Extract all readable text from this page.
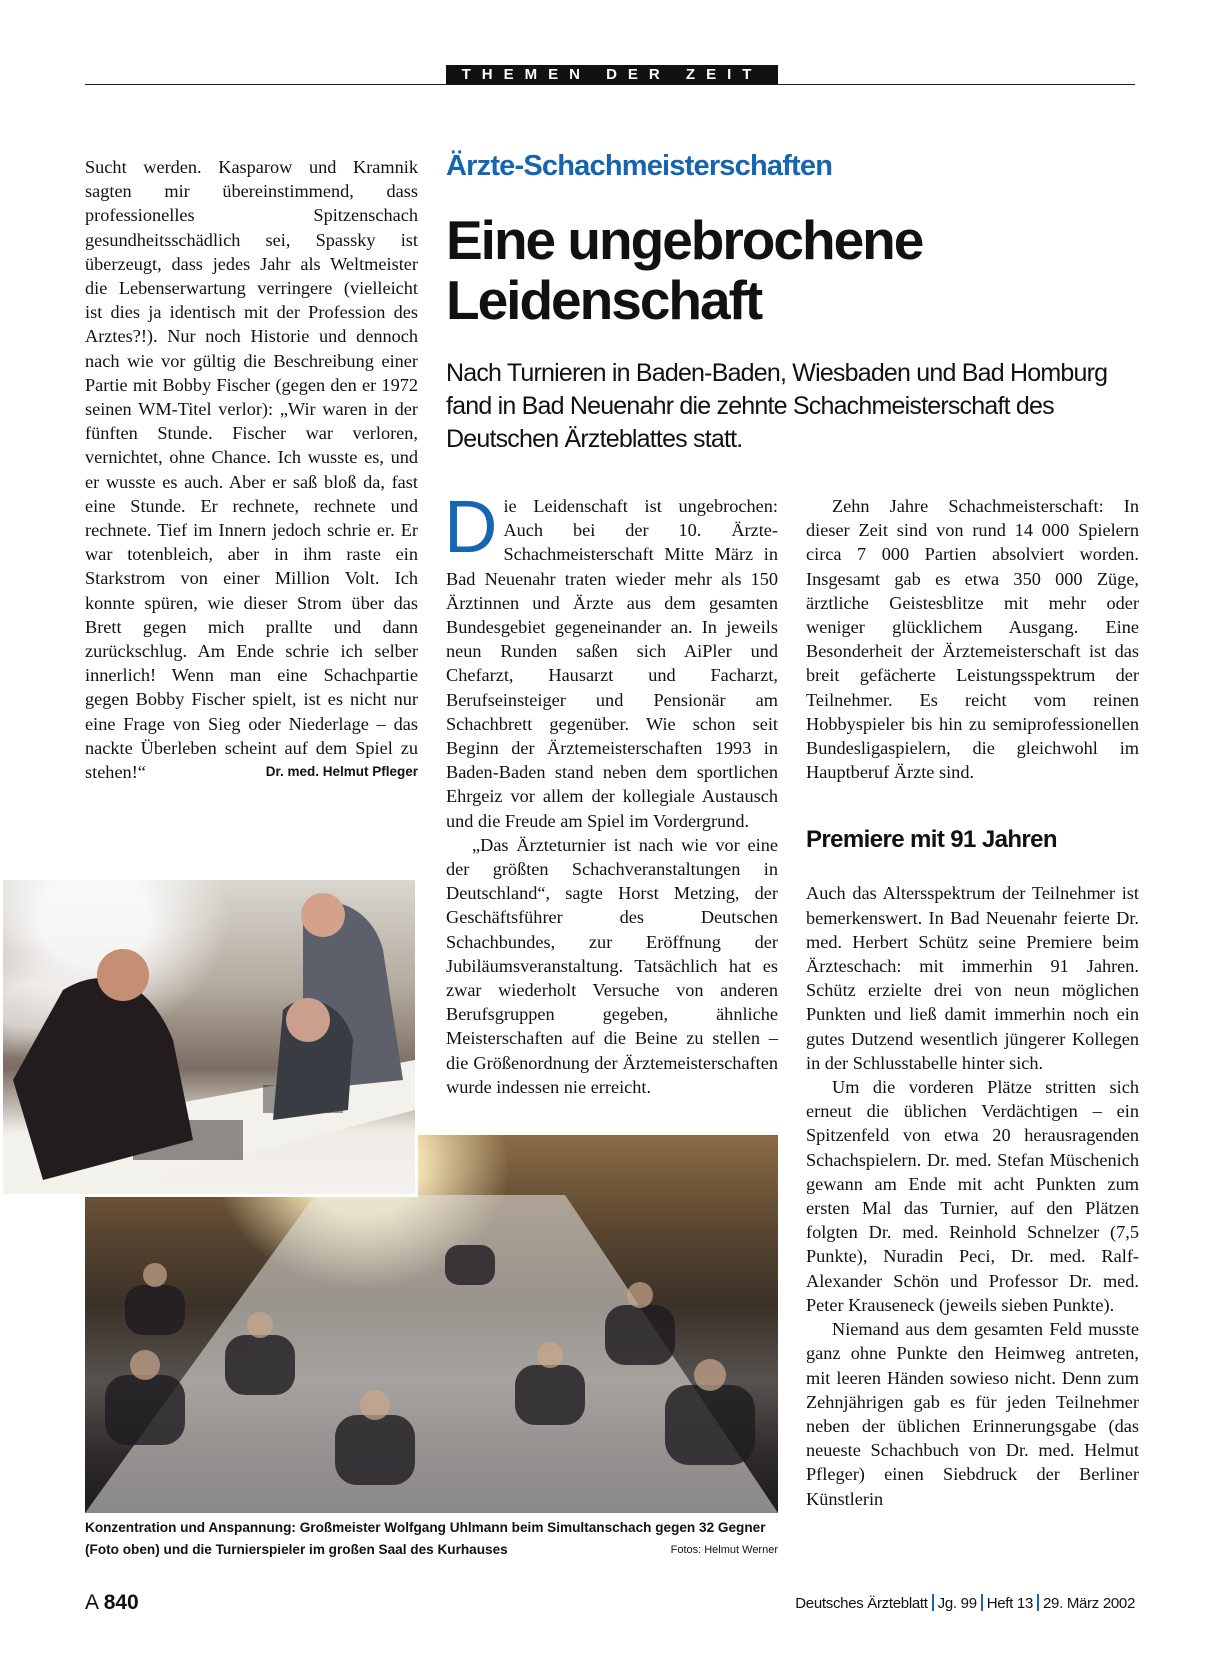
THEMEN DER ZEIT

Sucht werden. Kasparow und Kramnik sagten mir übereinstimmend, dass professionelles Spitzenschach gesundheitsschädlich sei, Spassky ist überzeugt, dass jedes Jahr als Weltmeister die Lebenserwartung verringere (vielleicht ist dies ja identisch mit der Profession des Arztes?!). Nur noch Historie und dennoch nach wie vor gültig die Beschreibung einer Partie mit Bobby Fischer (gegen den er 1972 seinen WM-Titel verlor): „Wir waren in der fünften Stunde. Fischer war verloren, vernichtet, ohne Chance. Ich wusste es, und er wusste es auch. Aber er saß bloß da, fast eine Stunde. Er rechnete, rechnete und rechnete. Tief im Innern jedoch schrie er. Er war totenbleich, aber in ihm raste ein Starkstrom von einer Million Volt. Ich konnte spüren, wie dieser Strom über das Brett gegen mich prallte und dann zurückschlug. Am Ende schrie ich selber innerlich! Wenn man eine Schachpartie gegen Bobby Fischer spielt, ist es nicht nur eine Frage von Sieg oder Niederlage – das nackte Überleben scheint auf dem Spiel zu stehen!“	Dr. med. Helmut Pfleger

Ärzte-Schachmeisterschaften
Eine ungebrochene
Leidenschaft
Nach Turnieren in Baden-Baden, Wiesbaden und Bad Homburg fand in Bad Neuenahr die zehnte Schachmeisterschaft des Deutschen Ärzteblattes statt.

Die Leidenschaft ist ungebrochen: Auch bei der 10. Ärzte-Schachmeisterschaft Mitte März in Bad Neuenahr traten wieder mehr als 150 Ärztinnen und Ärzte aus dem gesamten Bundesgebiet gegeneinander an. In jeweils neun Runden saßen sich AiPler und Chefarzt, Hausarzt und Facharzt, Berufseinsteiger und Pensionär am Schachbrett gegenüber. Wie schon seit Beginn der Ärztemeisterschaften 1993 in Baden-Baden stand neben dem sportlichen Ehrgeiz vor allem der kollegiale Austausch und die Freude am Spiel im Vordergrund.

„Das Ärzteturnier ist nach wie vor eine der größten Schachveranstaltungen in Deutschland“, sagte Horst Metzing, der Geschäftsführer des Deutschen Schachbundes, zur Eröffnung der Jubiläumsveranstaltung. Tatsächlich hat es zwar wiederholt Versuche von anderen Berufsgruppen gegeben, ähnliche Meisterschaften auf die Beine zu stellen – die Größenordnung der Ärztemeisterschaften wurde indessen nie erreicht.

Zehn Jahre Schachmeisterschaft: In dieser Zeit sind von rund 14 000 Spielern circa 7 000 Partien absolviert worden. Insgesamt gab es etwa 350 000 Züge, ärztliche Geistesblitze mit mehr oder weniger glücklichem Ausgang. Eine Besonderheit der Ärztemeisterschaft ist das breit gefächerte Leistungsspektrum der Teilnehmer. Es reicht vom reinen Hobbyspieler bis hin zu semiprofessionellen Bundesligaspielern, die gleichwohl im Hauptberuf Ärzte sind.

Premiere mit 91 Jahren

Auch das Altersspektrum der Teilnehmer ist bemerkenswert. In Bad Neuenahr feierte Dr. med. Herbert Schütz seine Premiere beim Ärzteschach: mit immerhin 91 Jahren. Schütz erzielte drei von neun möglichen Punkten und ließ damit immerhin noch ein gutes Dutzend wesentlich jüngerer Kollegen in der Schlusstabelle hinter sich.

Um die vorderen Plätze stritten sich erneut die üblichen Verdächtigen – ein Spitzenfeld von etwa 20 herausragenden Schachspielern. Dr. med. Stefan Müschenich gewann am Ende mit acht Punkten zum ersten Mal das Turnier, auf den Plätzen folgten Dr. med. Reinhold Schnelzer (7,5 Punkte), Nuradin Peci, Dr. med. Ralf-Alexander Schön und Professor Dr. med. Peter Krauseneck (jeweils sieben Punkte).

Niemand aus dem gesamten Feld musste ganz ohne Punkte den Heimweg antreten, mit leeren Händen sowieso nicht. Denn zum Zehnjährigen gab es für jeden Teilnehmer neben der üblichen Erinnerungsgabe (das neueste Schachbuch von Dr. med. Helmut Pfleger) einen Siebdruck der Berliner Künstlerin

Konzentration und Anspannung: Großmeister Wolfgang Uhlmann beim Simultanschach gegen 32 Gegner (Foto oben) und die Turnierspieler im großen Saal des Kurhauses	Fotos: Helmut Werner
A 840	Deutsches Ärzteblatt Jg. 99 Heft 13 29. März 2002
